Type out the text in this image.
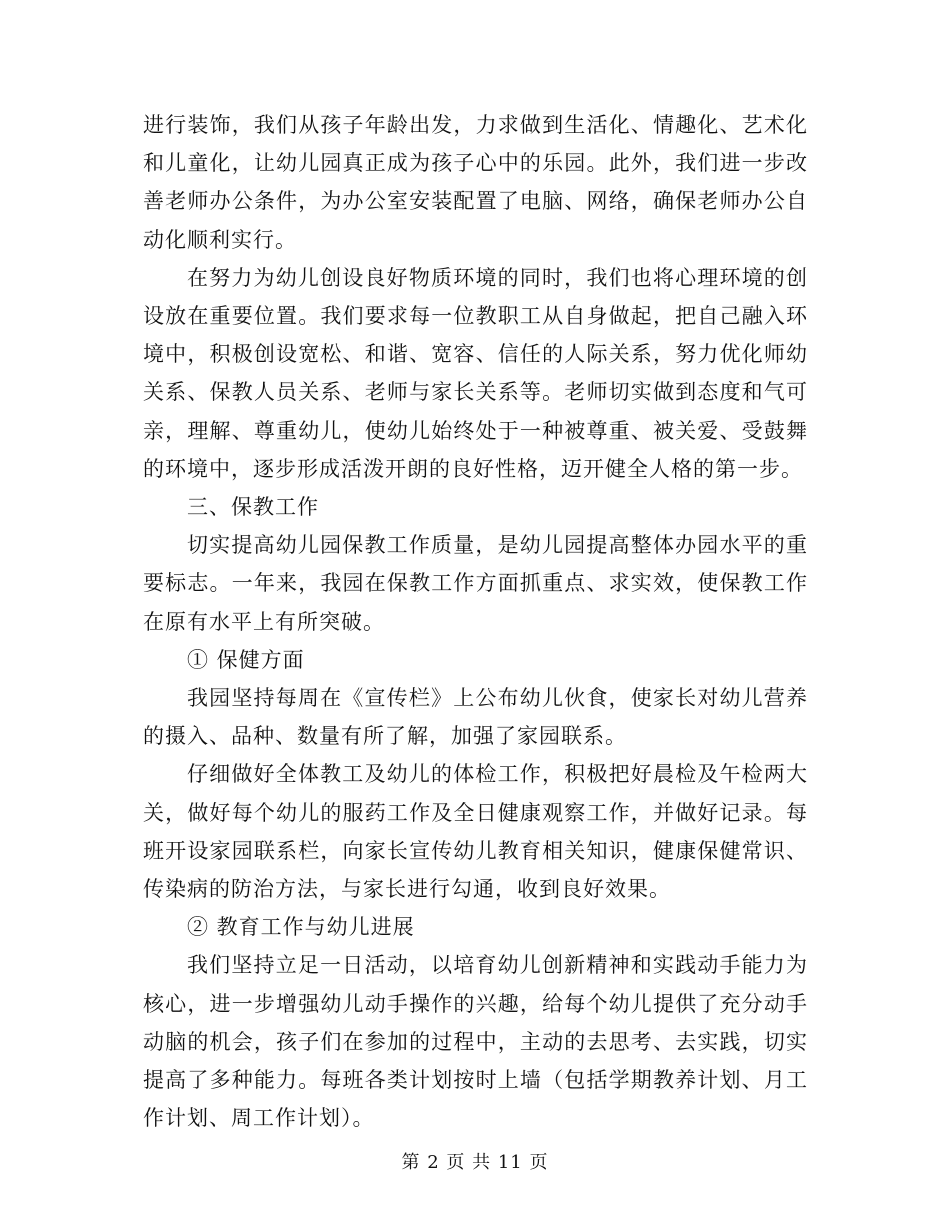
进行装饰，我们从孩子年龄出发，力求做到生活化、情趣化、艺术化和儿童化，让幼儿园真正成为孩子心中的乐园。此外，我们进一步改善老师办公条件，为办公室安装配置了电脑、网络，确保老师办公自动化顺利实行。

在努力为幼儿创设良好物质环境的同时，我们也将心理环境的创设放在重要位置。我们要求每一位教职工从自身做起，把自己融入环境中，积极创设宽松、和谐、宽容、信任的人际关系，努力优化师幼关系、保教人员关系、老师与家长关系等。老师切实做到态度和气可亲，理解、尊重幼儿，使幼儿始终处于一种被尊重、被关爱、受鼓舞的环境中，逐步形成活泼开朗的良好性格，迈开健全人格的第一步。

三、保教工作

切实提高幼儿园保教工作质量，是幼儿园提高整体办园水平的重要标志。一年来，我园在保教工作方面抓重点、求实效，使保教工作在原有水平上有所突破。

① 保健方面

我园坚持每周在《宣传栏》上公布幼儿伙食，使家长对幼儿营养的摄入、品种、数量有所了解，加强了家园联系。

仔细做好全体教工及幼儿的体检工作，积极把好晨检及午检两大关，做好每个幼儿的服药工作及全日健康观察工作，并做好记录。每班开设家园联系栏，向家长宣传幼儿教育相关知识，健康保健常识、传染病的防治方法，与家长进行勾通，收到良好效果。

② 教育工作与幼儿进展

我们坚持立足一日活动，以培育幼儿创新精神和实践动手能力为核心，进一步增强幼儿动手操作的兴趣，给每个幼儿提供了充分动手动脑的机会，孩子们在参加的过程中，主动的去思考、去实践，切实提高了多种能力。每班各类计划按时上墙（包括学期教养计划、月工作计划、周工作计划）。

第 2 页 共 11 页
